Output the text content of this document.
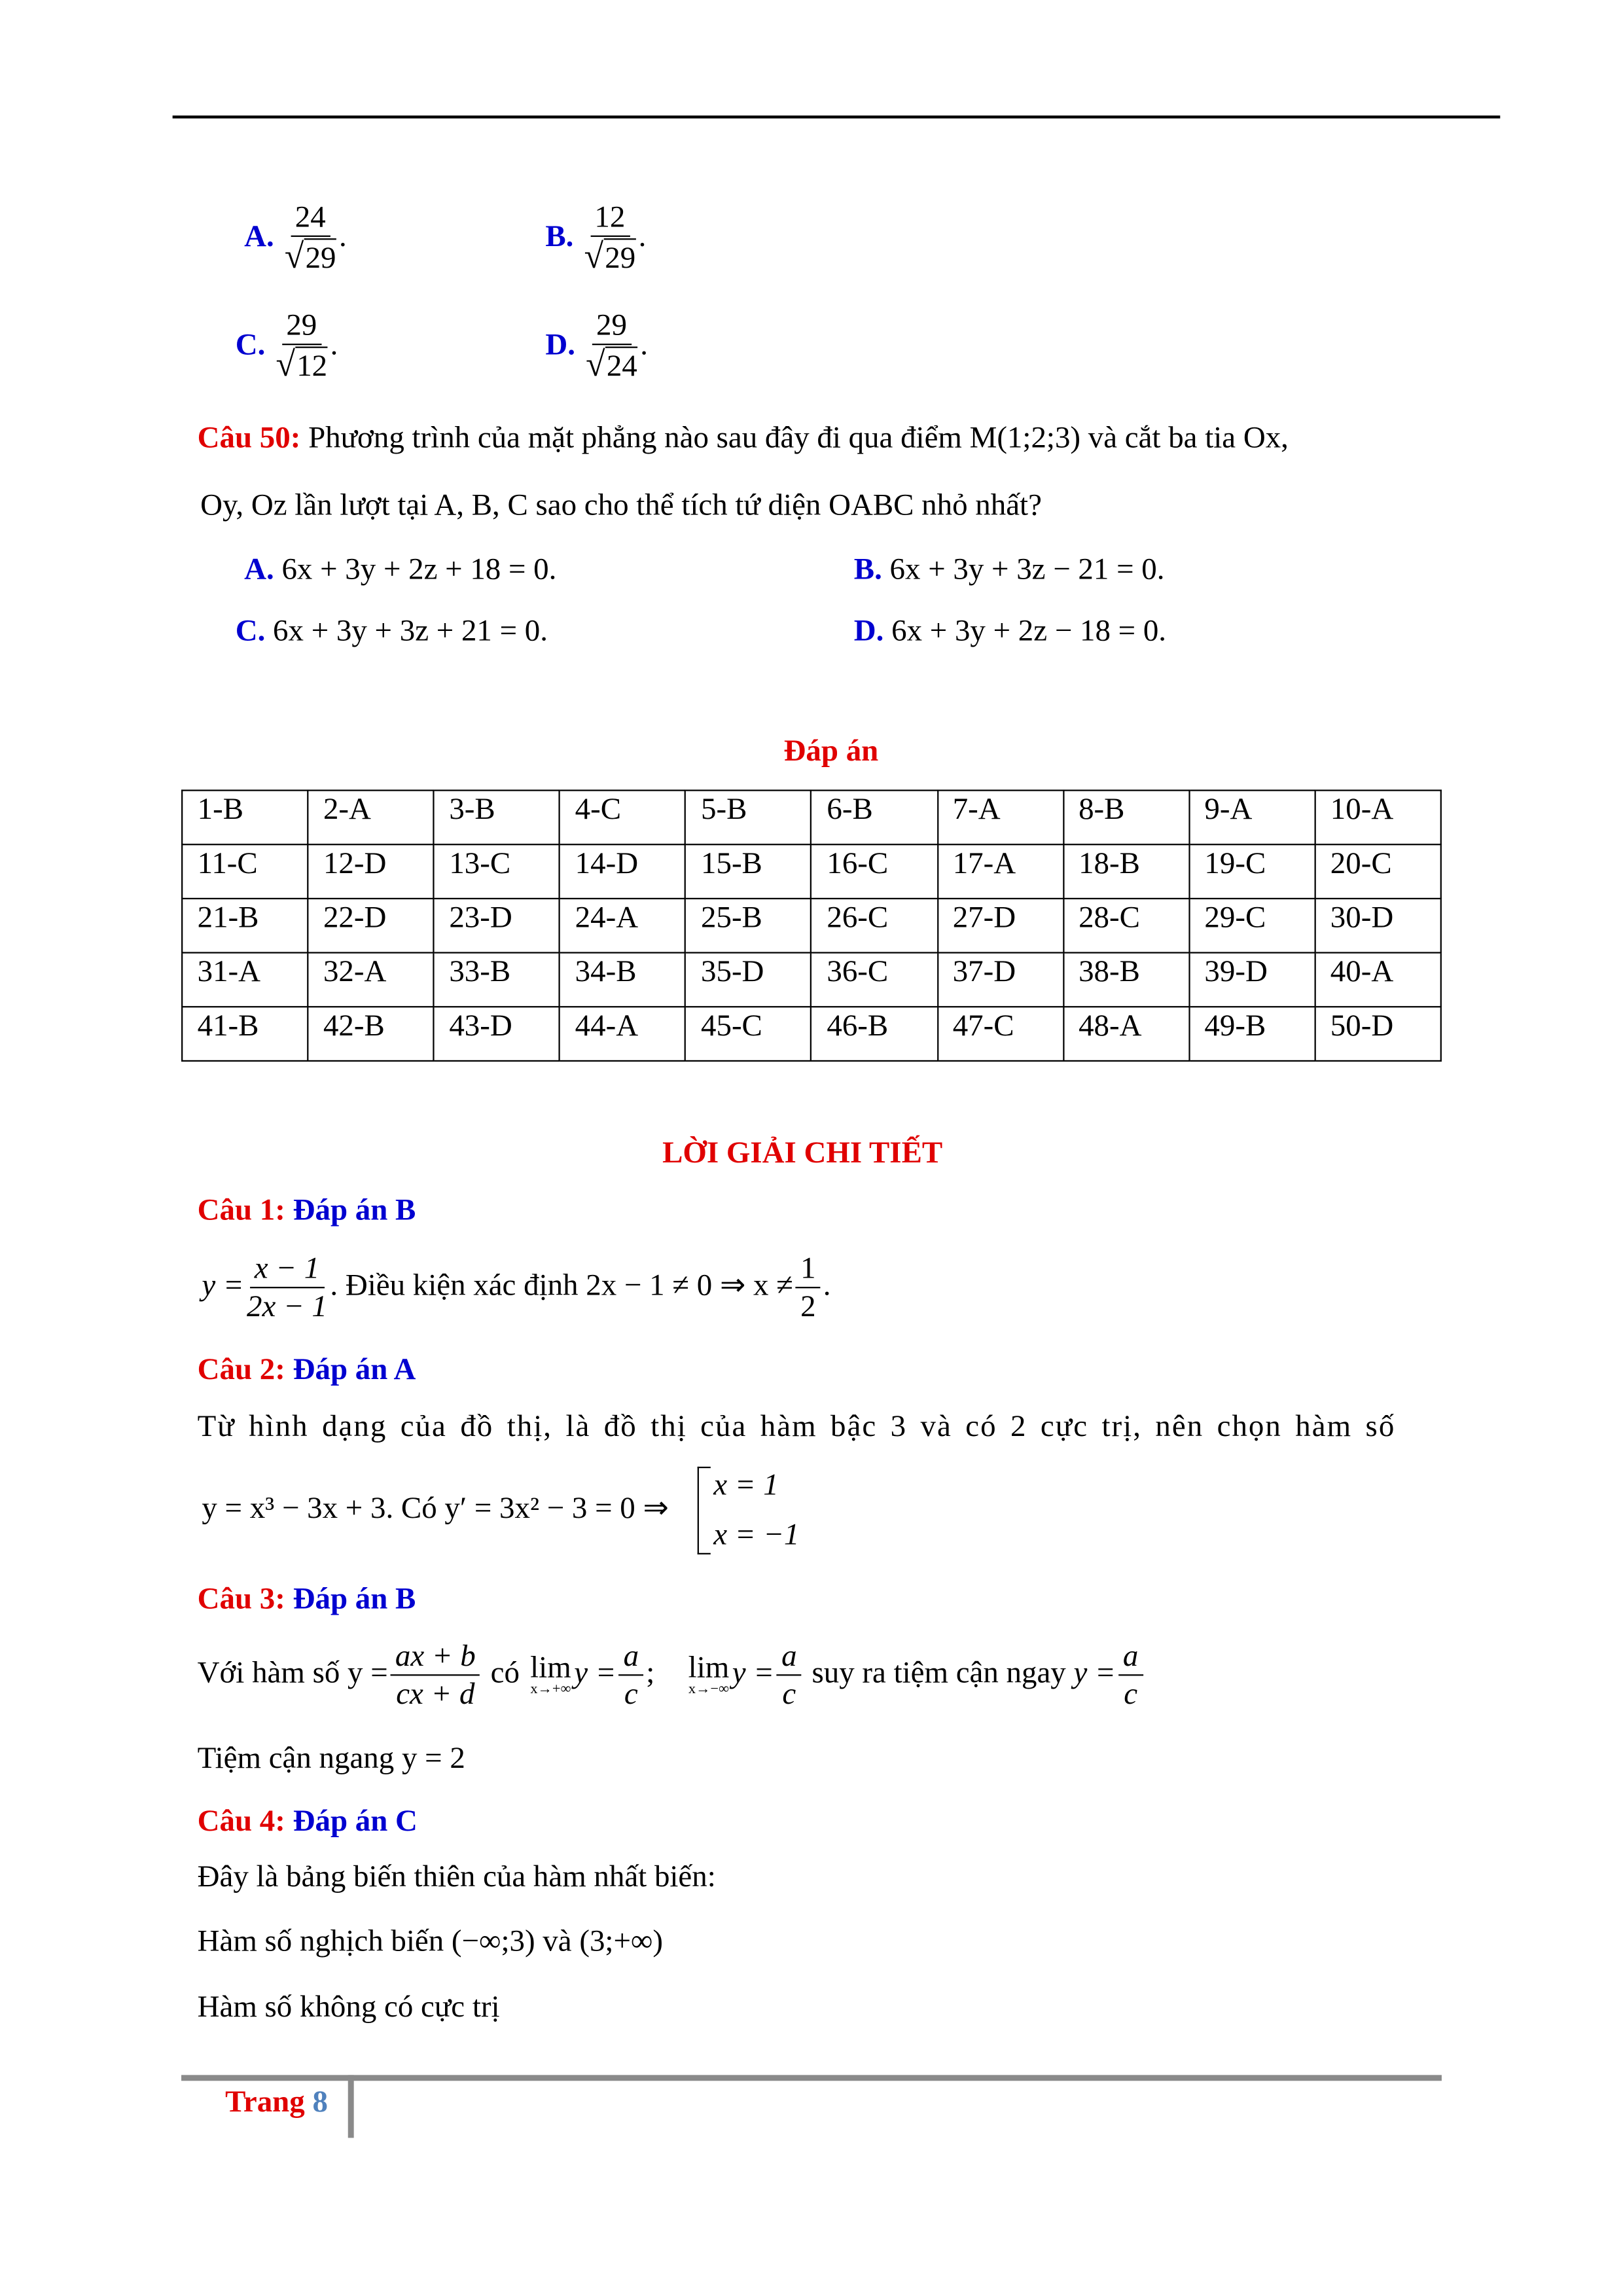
A. 24
√ 29 .	B. 12
√ 29 .
C. 29
√ 12 .	D. 29
√ 24 .
Câu 50: Phương trình của mặt phẳng nào sau đây đi qua điểm M(1;2;3) và cắt ba tia Ox,
Oy, Oz lần lượt tại A, B, C sao cho thể tích tứ diện OABC nhỏ nhất?
A. 6x + 3y + 2z + 18 = 0.	B. 6x + 3y + 3z − 21 = 0.
C. 6x + 3y + 3z + 21 = 0.	D. 6x + 3y + 2z − 18 = 0.
Đáp án
1-B	2-A	3-B	4-C	5-B	6-B	7-A	8-B	9-A	10-A
11-C	12-D	13-C	14-D	15-B	16-C	17-A	18-B	19-C	20-C
21-B	22-D	23-D	24-A	25-B	26-C	27-D	28-C	29-C	30-D
31-A	32-A	33-B	34-B	35-D	36-C	37-D	38-B	39-D	40-A
41-B	42-B	43-D	44-A	45-C	46-B	47-C	48-A	49-B	50-D
LỜI GIẢI CHI TIẾT
Câu 1: Đáp án B
$y = \frac{x - 1}{2x - 1}$ . Điều kiện xác định 2x − 1 ≠ 0 ⇒ $x \ne \frac{1}{2}$ .
Câu 2: Đáp án A
Từ hình dạng của đồ thị, là đồ thị của hàm bậc 3 và có 2 cực trị, nên chọn hàm số
y = x³ − 3x + 3. Có y′ = 3x² − 3 = 0 ⇒
x = 1
x = −1
Câu 3: Đáp án B
Với hàm số $y = \frac{ax + b}{cx + d}$ có lim
x→+∞
$y = \frac{a}{c}$ ; lim
x→−∞
$y = \frac{a}{c}$ suy ra tiệm cận ngay $y = \frac{a}{c}$
Tiệm cận ngang y = 2
Câu 4: Đáp án C
Đây là bảng biến thiên của hàm nhất biến:
Hàm số nghịch biến (−∞;3) và (3;+∞)
Hàm số không có cực trị
Trang 8
